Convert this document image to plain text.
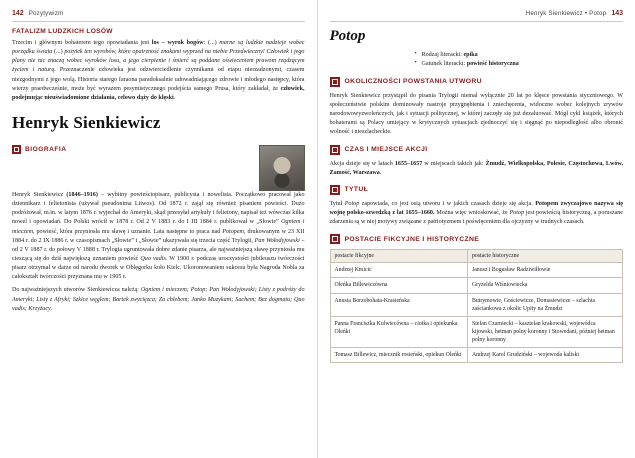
142 Pozytywizm
FATALIZM LUDZKICH LOSÓW

Trzecim i głównym bohaterem tego opowiadania jest los – wyrok bogów: (...) marne są ludzkie nadzieje wobec porządku świata (...) pożytek ten wyrobów, które opatrzność znakami wyprzed na niebie Przedwieczny! Człowiek i jego plany nie nic znaczą wobec wyroków losu, a jego cierpienie i śmierć są poddane oświeceniem prawom rządzącym życiem i naturą. Przeznaczenie człowieka jest odzwierciedlenie czynnikami od etapu nierzadzonymi, czasem niezgodnymi z jego wolą. Historia starego faraona paradoksalnie udowadniającego zdrowie i młodego następcy, która wierzy praedwcześnie, może być wyrazem pesymistycznego podejścia samego Prusa, który zakładał, że człowiek, podejmując nieuświadomione działania, celowo dąży do klęski.

Henryk Sienkiewicz
BIOGRAFIA

Henryk Sienkiewicz (1846–1916) – wybitny powieściopisarz, publicysta i nowelista. Początkowo pracował jako dziennikarz i felietonista (używał pseudonima Litwos). Od 1872 r. zajął się również pisaniem powieści. Dużo podróżował, m.in. w latym 1876 r. wyjechał do Ameryki, skąd przesyłał artykuły i felietony, napisał też wówczas kilka nowel i opowiadań. Do Polski wrócił w 1878 r. Od 2 V 1883 r. do I III 1884 r. publikował w „Słowie” Ogniem i mieczem, powieść, która przyniosła mu sławę i uznanie. Lata następne to praca nad Potopem, drukowanym w 23 XII 1884 r. do 2 IX 1886 r. w czasopismach „Słowie” i „Słowie” ukazywała się trzecia część Trylogii, Pan Wołodyjowski – od 2 V 1887 r. do połowy V 1888 r. Trylogia ugruntowała dobre zdanie pisarza, ale najważniejszą sławę przyniosła mu cieszącą się do dziś największą uznaniem powieść Quo vadis. W 1900 r. podczas uroczystości jubileuszu twórczości pisarz otrzymał w darze od narodu dworek w Oblęgorku koło Kielc. Ukoronowaniem sukcesu była Nagroda Nobla za całokształt twórczości przyznana mu w 1905 r.

Do najważniejszych utworów Sienkiewicza należą: Ogniem i mieczem; Potop; Pan Wołodyjowski; Listy z podróży do Ameryki; Listy z Afryki; Szkice węglem; Bartek zwycięzca; Za chlebem; Janko Muzykant; Sachem; Bez dogmatu; Quo vadis; Krzyżacy.

Henryk Sienkiewicz • Potop 143
Potop
• Rodzaj literacki: epika
• Gatunek literacki: powieść historyczna
OKOLICZNOŚCI POWSTANIA UTWORU

Henryk Sienkiewicz przystąpił do pisania Trylogii niemal wyłącznie 20 lat po klęsce powstania styczniowego. W społeczeństwie polskim dominowały nastroje przygnębienia i zniechęcenia, widoczne wobec kolejnych zrywów narodowowyzwoleńczych, jak i sytuacji politycznej, w której zaczęły się już dezaluować. Mógł cykl książek, których bohaterami są Polacy umiejący w krytycznych sytuacjach zjednoczyć się i sięgnąć po niepodległość albo obronić wolność i nieszlacheckie.

CZAS I MIEJSCE AKCJI

Akcja dzieje się w latach 1655–1657 w miejscach takich jak: Żmudź, Wielkopolska, Polesie, Częstochowa, Lwów, Zamość, Warszawa.

TYTUŁ

Tytuł Potop zapowiada, co jest osią utworu i w jakich czasach dzieje się akcja. Potopem zwyczajowo nazywa się wojnę polsko-szwedzką z lat 1655–1660. Można więc wnioskować, że Potop jest powieścią historyczną, a poruszane zdarzenia są w niej motywy związane z patriotyzmem i poświęceniem dla ojczyzny w trudnych czasach.

POSTACIE FIKCYJNE I HISTORYCZNE
postacie fikcyjne	postacie historyczne
Andrzej Kmicic	Janusz i Bogusław Radziwiłłowie
Oleńka Billewiczówna	Gryzelda Wiśniowiecka
Anusia Borzobohata-Krasieńska	Butrymowie, Gościewicze, Domasiewicze – szlachta zaściankowa z okolic Upity na Żmudzi
Panna Franciszka Kulwiecówna – ciotka i opiekunka Oleńki	Stefan Czarniecki – kasztelan krakowski, wojewódca kijowski, hetman polny koronny i Stowedani, później hetman polny koronny
Tomasz Billewicz, miecznik rosieński, opiekun Oleńki	Andrzej Karol Grudziński – wojewoda kaliski
